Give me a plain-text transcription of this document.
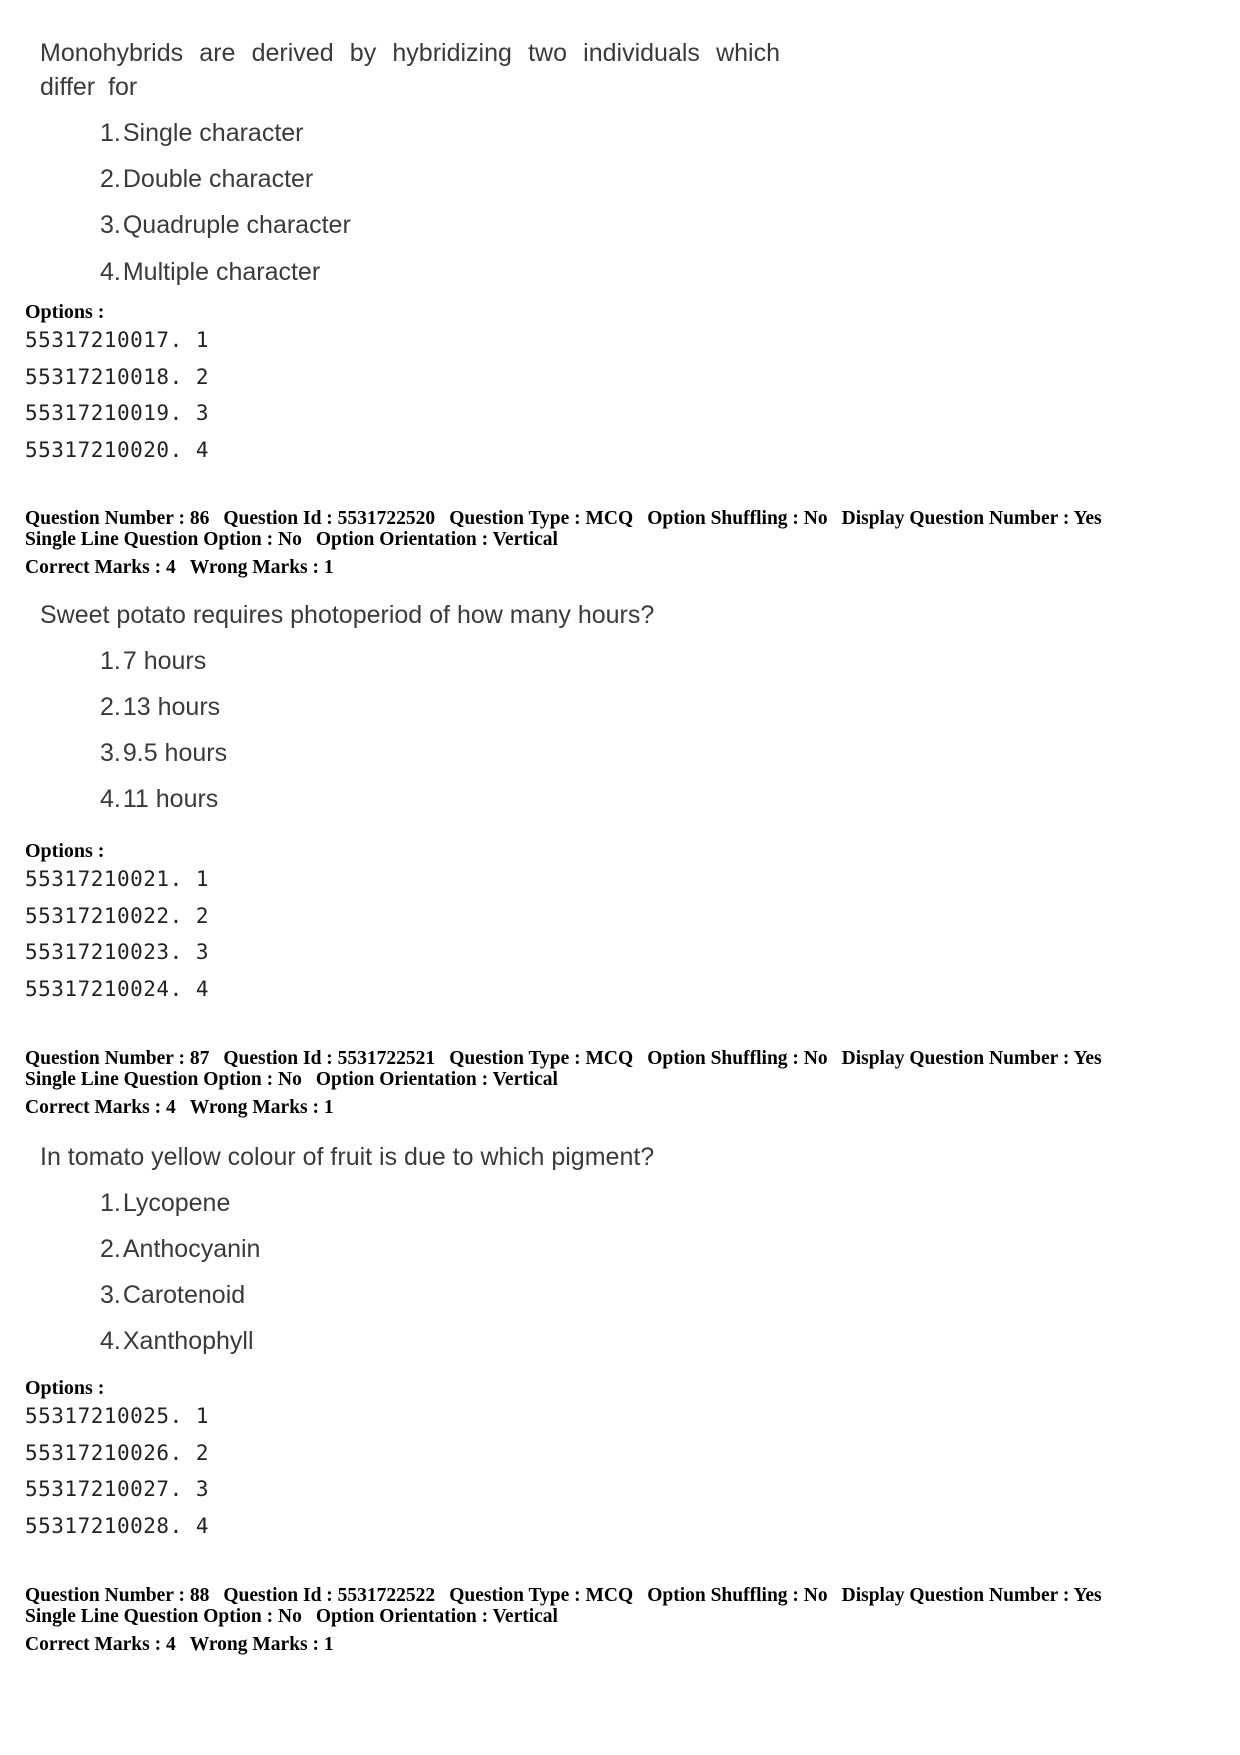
Monohybrids are derived by hybridizing two individuals which differ for
1.Single character
2.Double character
3.Quadruple character
4.Multiple character
Options :
55317210017. 1
55317210018. 2
55317210019. 3
55317210020. 4
Question Number : 86 Question Id : 5531722520 Question Type : MCQ Option Shuffling : No Display Question Number : Yes
Single Line Question Option : No Option Orientation : Vertical
Correct Marks : 4 Wrong Marks : 1
Sweet potato requires photoperiod of how many hours?
1.7 hours
2.13 hours
3.9.5 hours
4.11 hours
Options :
55317210021. 1
55317210022. 2
55317210023. 3
55317210024. 4
Question Number : 87 Question Id : 5531722521 Question Type : MCQ Option Shuffling : No Display Question Number : Yes
Single Line Question Option : No Option Orientation : Vertical
Correct Marks : 4 Wrong Marks : 1
In tomato yellow colour of fruit is due to which pigment?
1.Lycopene
2.Anthocyanin
3.Carotenoid
4.Xanthophyll
Options :
55317210025. 1
55317210026. 2
55317210027. 3
55317210028. 4
Question Number : 88 Question Id : 5531722522 Question Type : MCQ Option Shuffling : No Display Question Number : Yes
Single Line Question Option : No Option Orientation : Vertical
Correct Marks : 4 Wrong Marks : 1
